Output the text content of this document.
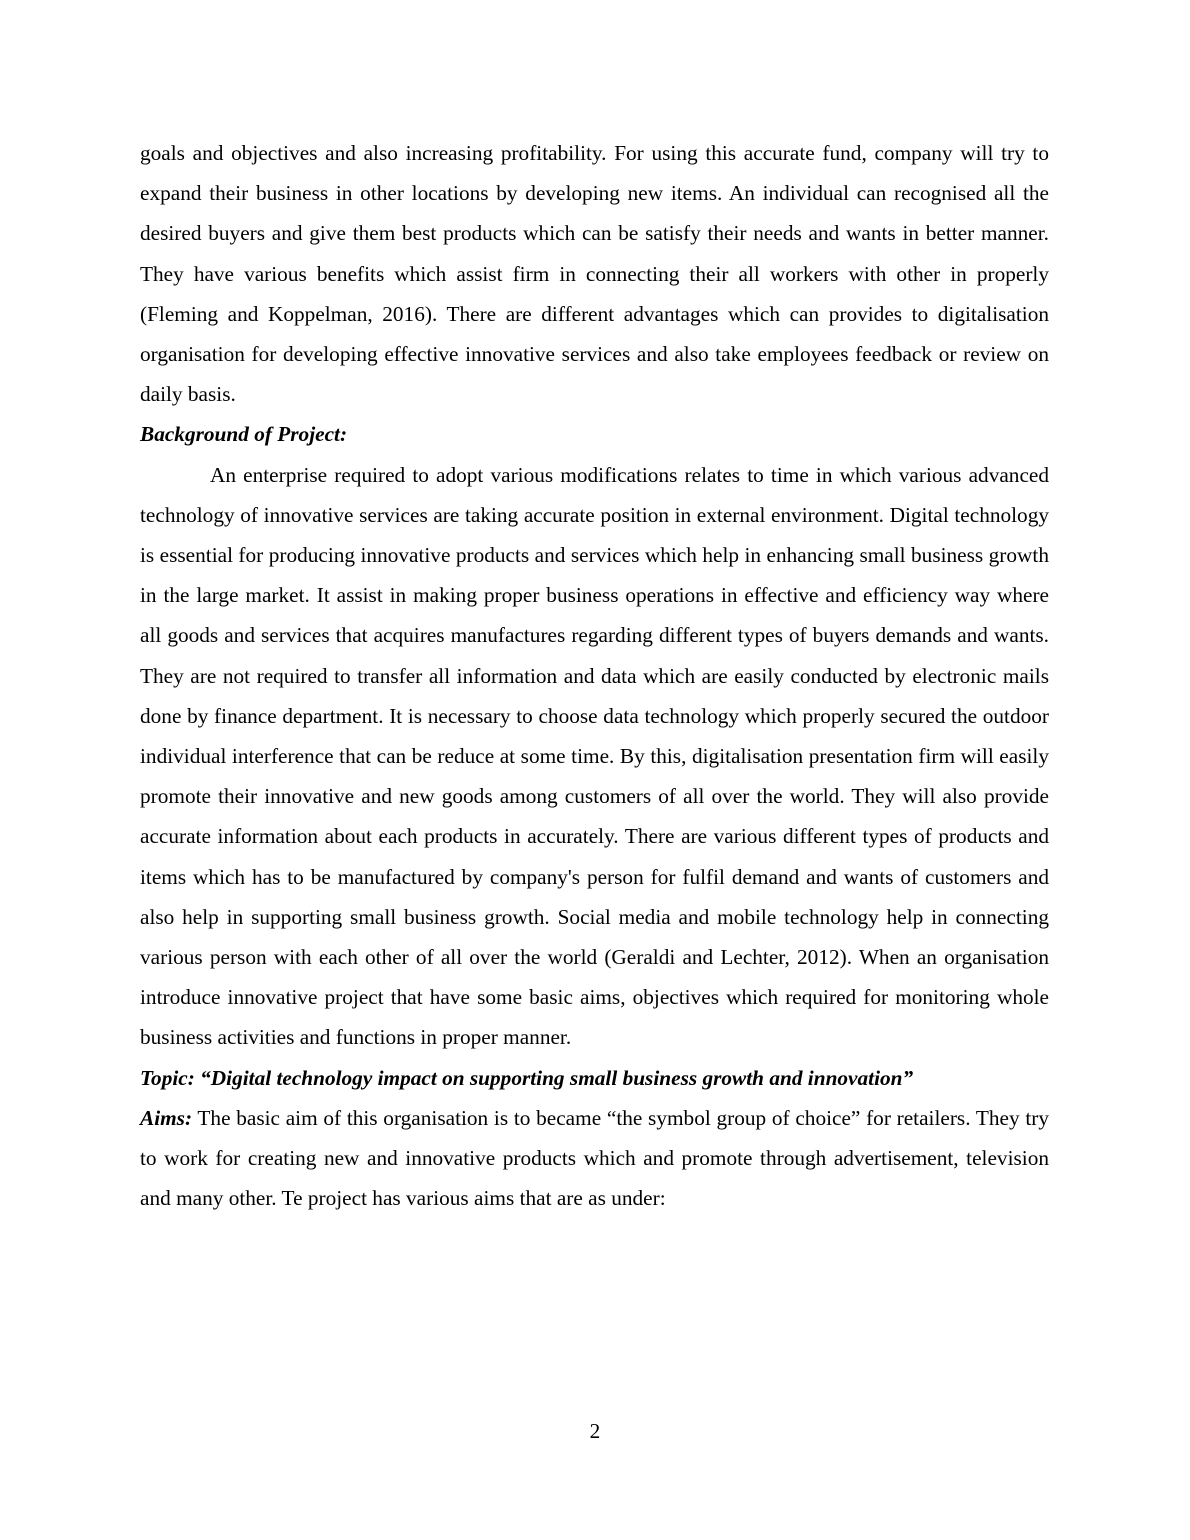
goals and objectives and also increasing profitability. For using this accurate fund, company will try to expand their business in other locations by developing new items. An individual can recognised all the desired buyers and give them best products which can be satisfy their needs and wants in better manner. They have various benefits which assist firm in connecting their all workers with other in properly (Fleming and Koppelman, 2016). There are different advantages which can provides to digitalisation organisation for developing effective innovative services and also take employees feedback or review on daily basis.

Background of Project:

An enterprise required to adopt various modifications relates to time in which various advanced technology of innovative services are taking accurate position in external environment. Digital technology is essential for producing innovative products and services which help in enhancing small business growth in the large market. It assist in making proper business operations in effective and efficiency way where all goods and services that acquires manufactures regarding different types of buyers demands and wants. They are not required to transfer all information and data which are easily conducted by electronic mails done by finance department. It is necessary to choose data technology which properly secured the outdoor individual interference that can be reduce at some time. By this, digitalisation presentation firm will easily promote their innovative and new goods among customers of all over the world. They will also provide accurate information about each products in accurately. There are various different types of products and items which has to be manufactured by company's person for fulfil demand and wants of customers and also help in supporting small business growth. Social media and mobile technology help in connecting various person with each other of all over the world (Geraldi and Lechter, 2012). When an organisation introduce innovative project that have some basic aims, objectives which required for monitoring whole business activities and functions in proper manner.

Topic: “Digital technology impact on supporting small business growth and innovation”

Aims: The basic aim of this organisation is to became “the symbol group of choice” for retailers. They try to work for creating new and innovative products which and promote through advertisement, television and many other. Te project has various aims that are as under:

2
